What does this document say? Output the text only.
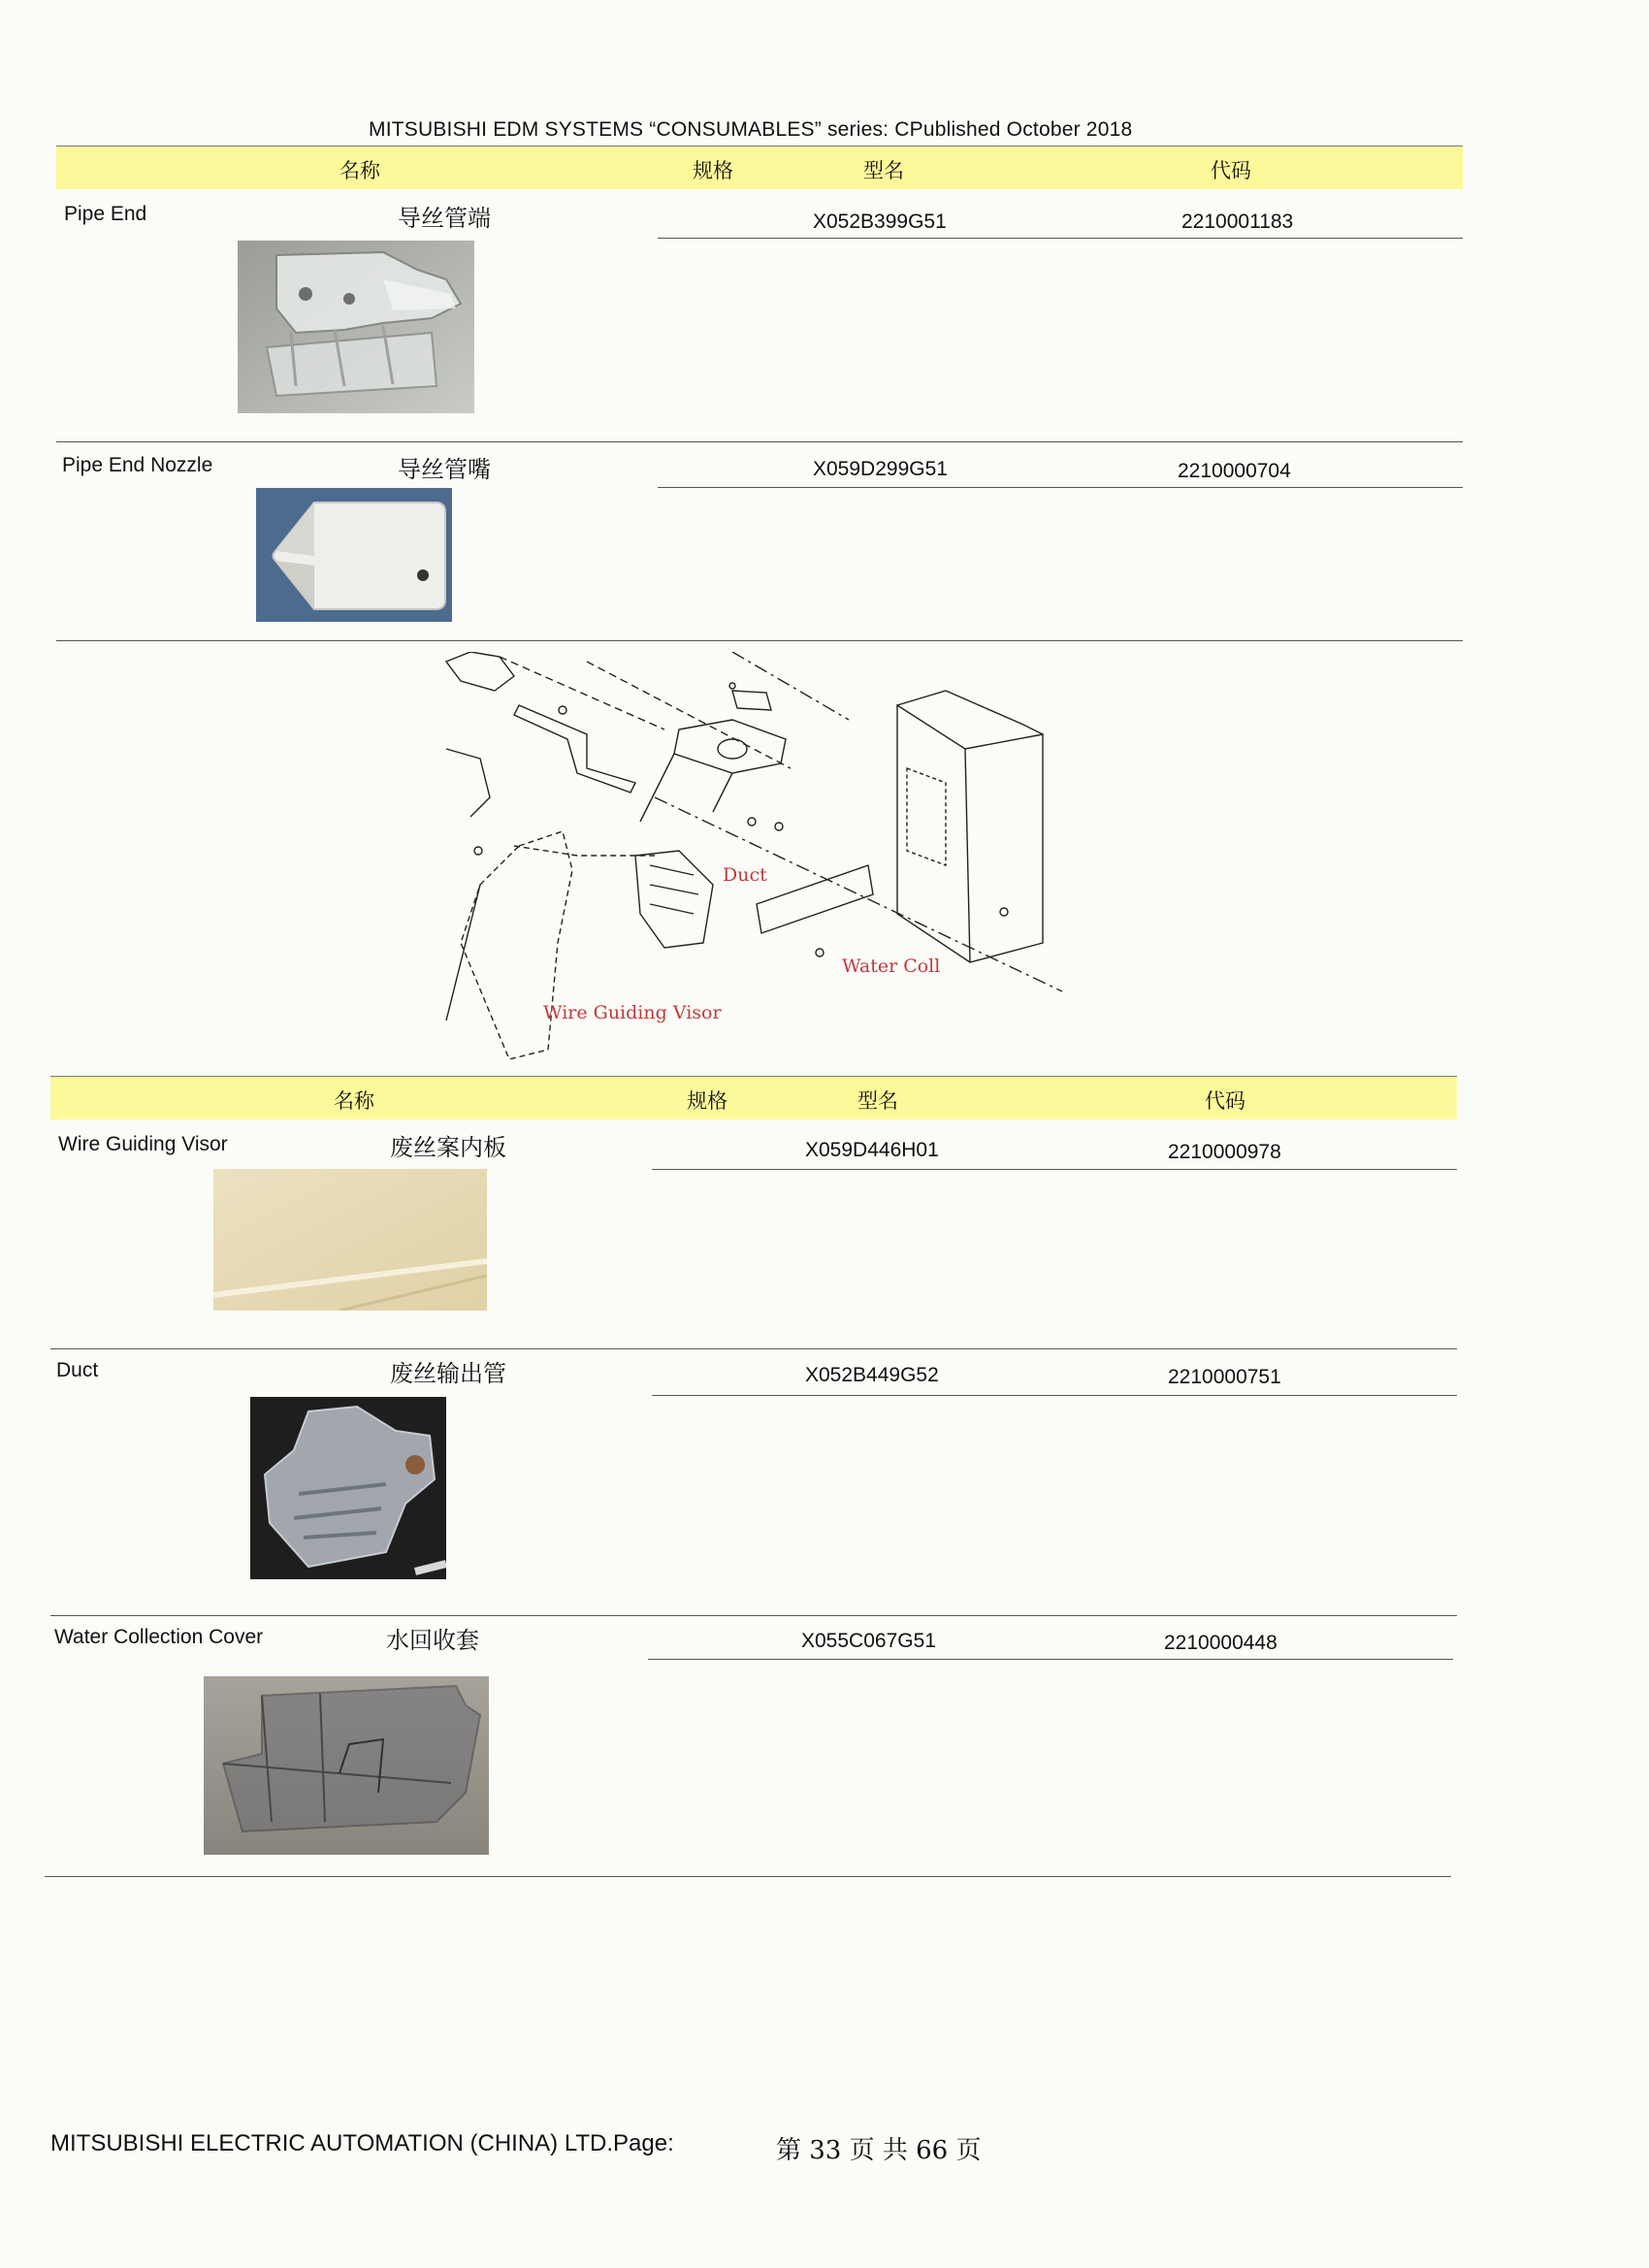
MITSUBISHI EDM SYSTEMS “CONSUMABLES” series: CPublished October 2018
名称	规格	型名	代码
Pipe End	导丝管端	X052B399G51	2210001183
Pipe End Nozzle	导丝管嘴	X059D299G51	2210000704
Duct
Water Coll
Wire Guiding Visor
名称	规格	型名	代码
Wire Guiding Visor	废丝案内板	X059D446H01	2210000978
Duct	废丝输出管	X052B449G52	2210000751
Water Collection Cover	水回收套	X055C067G51	2210000448
MITSUBISHI ELECTRIC AUTOMATION (CHINA) LTD.Page:	第 33 页 共 66 页
